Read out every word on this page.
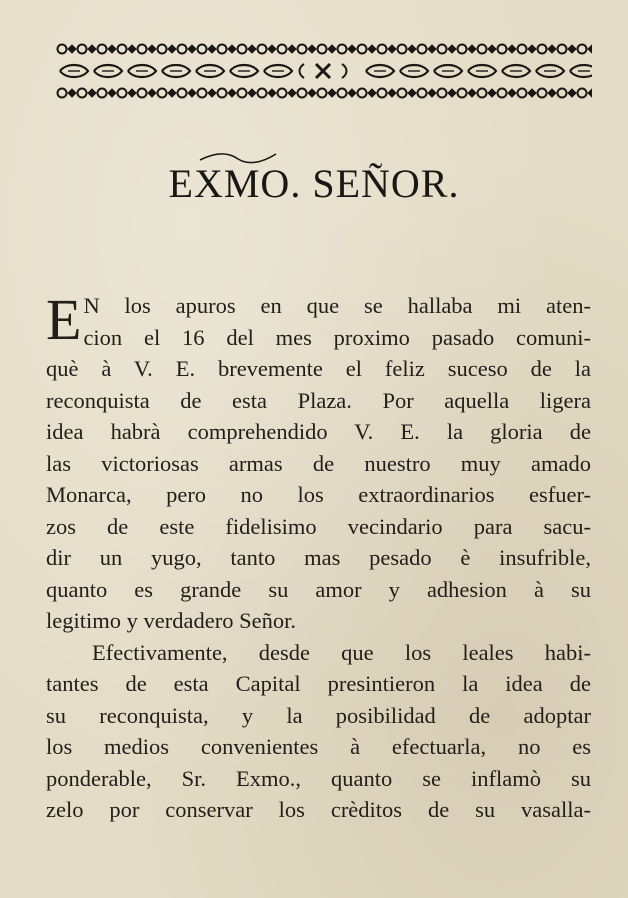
EXMO. SEÑOR.
E N los apuros en que se hallaba mi aten-
cion el 16 del mes proximo pasado comuni-
què à V. E. brevemente el feliz suceso de la
reconquista de esta Plaza. Por aquella ligera
idea habrà comprehendido V. E. la gloria de
las victoriosas armas de nuestro muy amado
Monarca, pero no los extraordinarios esfuer-
zos de este fidelisimo vecindario para sacu-
dir un yugo, tanto mas pesado è insufrible,
quanto es grande su amor y adhesion à su
legitimo y verdadero Señor.
Efectivamente, desde que los leales habi-
tantes de esta Capital presintieron la idea de
su reconquista, y la posibilidad de adoptar
los medios convenientes à efectuarla, no es
ponderable, Sr. Exmo., quanto se inflamò su
zelo por conservar los crèditos de su vasalla-
